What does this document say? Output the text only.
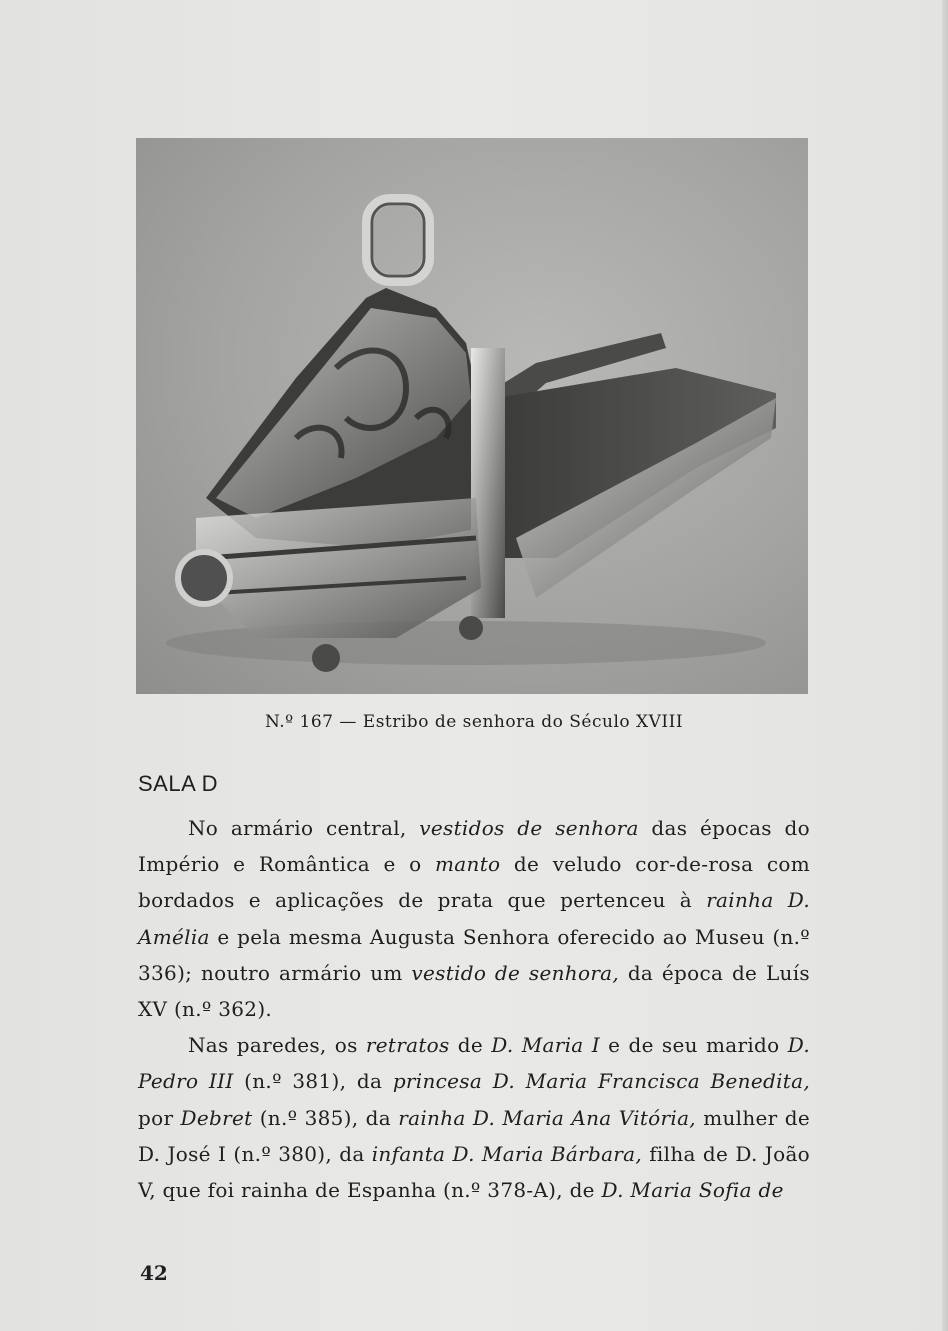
N.º 167 — Estribo de senhora do Século XVIII
SALA D

No armário central, vestidos de senhora das épocas do Império e Romântica e o manto de veludo cor-de-rosa com bordados e aplicações de prata que pertenceu à rainha D. Amélia e pela mesma Augusta Senhora oferecido ao Museu (n.º 336); noutro armário um vestido de senhora, da época de Luís XV (n.º 362).

Nas paredes, os retratos de D. Maria I e de seu marido D. Pedro III (n.º 381), da princesa D. Maria Francisca Benedita, por Debret (n.º 385), da rainha D. Maria Ana Vitória, mulher de D. José I (n.º 380), da infanta D. Maria Bárbara, filha de D. João V, que foi rainha de Espanha (n.º 378-A), de D. Maria Sofia de

42
